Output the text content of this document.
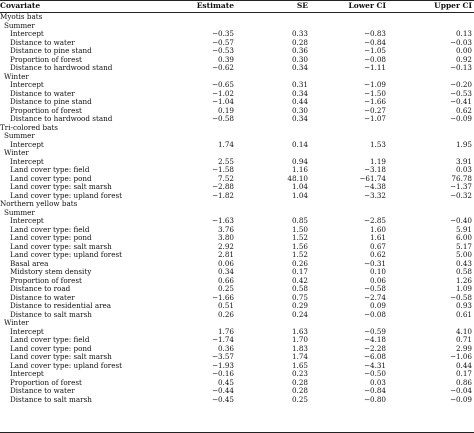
Covariate	Estimate	SE	Lower CI	Upper CI
Myotis bats
Summer
Intercept	−0.35	0.33	−0.83	0.13
Distance to water	−0.57	0.28	−0.84	−0.03
Distance to pine stand	−0.53	0.36	−1.05	0.00
Proportion of forest	0.39	0.30	−0.08	0.92
Distance to hardwood stand	−0.62	0.34	−1.11	−0.13
Winter
Intercept	−0.65	0.31	−1.09	−0.20
Distance to water	−1.02	0.34	−1.50	−0.53
Distance to pine stand	−1.04	0.44	−1.66	−0.41
Proportion of forest	0.19	0.30	−0.27	0.62
Distance to hardwood stand	−0.58	0.34	−1.07	−0.09
Tri-colored bats
Summer
Intercept	1.74	0.14	1.53	1.95
Winter
Intercept	2.55	0.94	1.19	3.91
Land cover type: field	−1.58	1.16	−3.18	0.03
Land cover type: pond	7.52	48.10	−61.74	76.78
Land cover type: salt marsh	−2.88	1.04	−4.38	−1.37
Land cover type: upland forest	−1.82	1.04	−3.32	−0.32
Northern yellow bats
Summer
Intercept	−1.63	0.85	−2.85	−0.40
Land cover type: field	3.76	1.50	1.60	5.91
Land cover type: pond	3.80	1.52	1.61	6.00
Land cover type: salt marsh	2.92	1.56	0.67	5.17
Land cover type: upland forest	2.81	1.52	0.62	5.00
Basal area	0.06	0.26	−0.31	0.43
Midstory stem density	0.34	0.17	0.10	0.58
Proportion of forest	0.66	0.42	0.06	1.26
Distance to road	0.25	0.58	−0.58	1.09
Distance to water	−1.66	0.75	−2.74	−0.58
Distance to residential area	0.51	0.29	0.09	0.93
Distance to salt marsh	0.26	0.24	−0.08	0.61
Winter
Intercept	1.76	1.63	−0.59	4.10
Land cover type: field	−1.74	1.70	−4.18	0.71
Land cover type: pond	0.36	1.83	−2.28	2.99
Land cover type: salt marsh	−3.57	1.74	−6.08	−1.06
Land cover type: upland forest	−1.93	1.65	−4.31	0.44
Intercept	−0.16	0.23	−0.50	0.17
Proportion of forest	0.45	0.28	0.03	0.86
Distance to water	−0.44	0.28	−0.84	−0.04
Distance to salt marsh	−0.45	0.25	−0.80	−0.09
